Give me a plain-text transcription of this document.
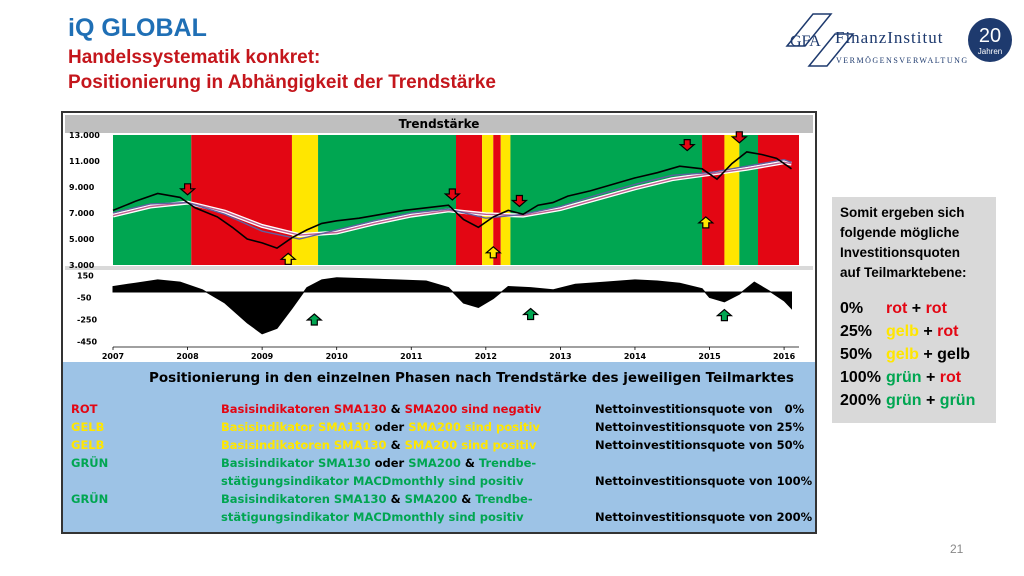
iQ GLOBAL
Handelssystematik konkret:
Positionierung in Abhängigkeit der Trendstärke
GFA FinanzInstitut
VERMÖGENSVERWALTUNG
20
Jahren
Trendstärke
13.000
11.000
9.000
7.000
5.000
3.000
150
-50
-250
-450
2007	2008	2009	2010	2011	2012	2013	2014	2015	2016
Positionierung in den einzelnen Phasen nach Trendstärke des jeweiligen Teilmarktes
ROT	Basisindikatoren SMA130 & SMA200 sind negativ	Nettoinvestitionsquote von   0%
GELB	Basisindikator SMA130 oder SMA200 sind positiv	Nettoinvestitionsquote von 25%
GELB	Basisindikatoren SMA130 & SMA200 sind positiv	Nettoinvestitionsquote von 50%
GRÜN	Basisindikator SMA130 oder SMA200 & Trendbe-
stätigungsindikator MACDmonthly sind positiv	Nettoinvestitionsquote von 100%
GRÜN	Basisindikatoren SMA130 & SMA200 & Trendbe-
stätigungsindikator MACDmonthly sind positiv	Nettoinvestitionsquote von 200%
Somit ergeben sich
folgende mögliche
Investitionsquoten
auf Teilmarktebene:
0%rot + rot
25%gelb + rot
50%gelb + gelb
100%grün + rot
200%grün + grün
21
